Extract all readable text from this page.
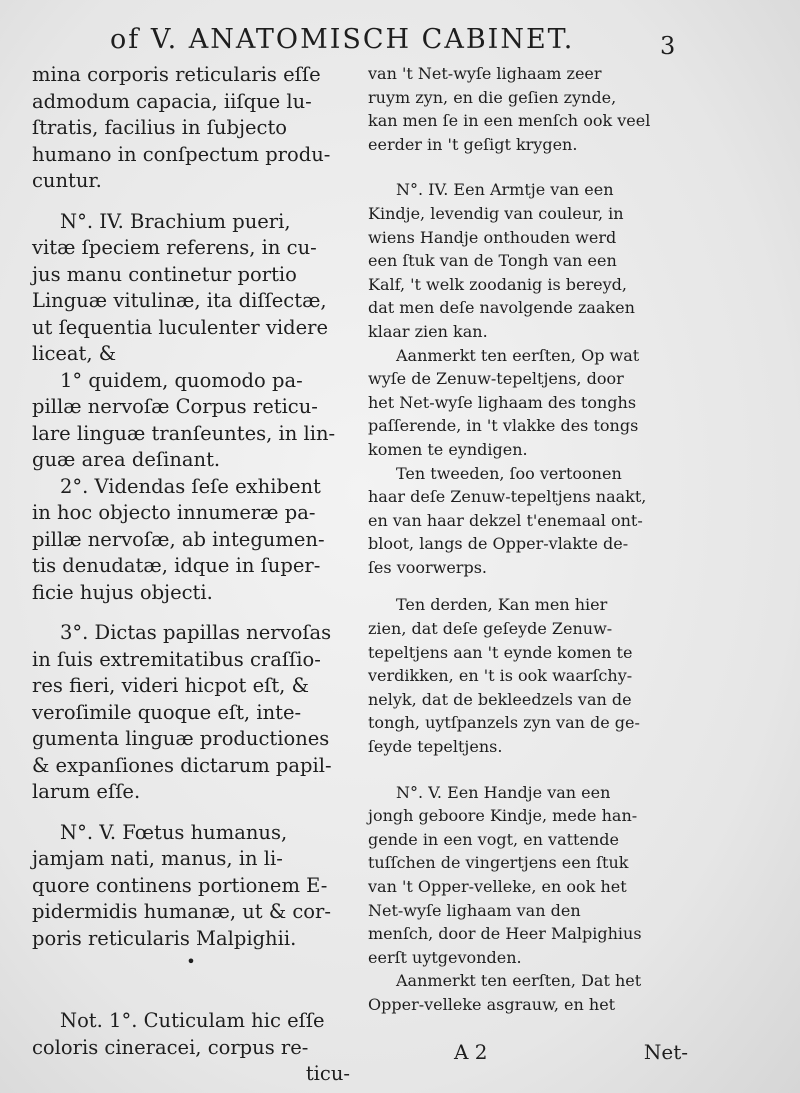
of V. ANATOMISCH CABINET.	3

mina corporis reticularis eſſe

admodum capacia, iiſque lu-

ſtratis, facilius in ſubjecto

humano in conſpectum produ-

cuntur.

N°. IV. Brachium pueri,

vitæ ſpeciem referens, in cu-

jus manu continetur portio

Linguæ vitulinæ, ita diſſectæ,

ut ſequentia luculenter videre

liceat, &

1° quidem, quomodo pa-

pillæ nervoſæ Corpus reticu-

lare linguæ tranſeuntes, in lin-

guæ area deſinant.

2°. Videndas ſeſe exhibent

in hoc objecto innumeræ pa-

pillæ nervoſæ, ab integumen-

tis denudatæ, idque in ſuper-

ficie hujus objecti.

3°. Dictas papillas nervoſas

in ſuis extremitatibus craſſio-

res fieri, videri hicpot eſt, &

veroſimile quoque eſt, inte-

gumenta linguæ productiones

& expanſiones dictarum papil-

larum eſſe.

N°. V. Fœtus humanus,

jamjam nati, manus, in li-

quore continens portionem E-

pidermidis humanæ, ut & cor-

poris reticularis Malpighii.

•

Not. 1°. Cuticulam hic eſſe

coloris cineracei, corpus re-

ticu-

van 't Net-wyſe lighaam zeer

ruym zyn, en die geſien zynde,

kan men ſe in een menſch ook veel

eerder in 't geſigt krygen.

N°. IV. Een Armtje van een

Kindje, levendig van couleur, in

wiens Handje onthouden werd

een ſtuk van de Tongh van een

Kalf, 't welk zoodanig is bereyd,

dat men deſe navolgende zaaken

klaar zien kan.

Aanmerkt ten eerſten, Op wat

wyſe de Zenuw-tepeltjens, door

het Net-wyſe lighaam des tonghs

paſſerende, in 't vlakke des tongs

komen te eyndigen.

Ten tweeden, ſoo vertoonen

haar deſe Zenuw-tepeltjens naakt,

en van haar dekzel t'enemaal ont-

bloot, langs de Opper-vlakte de-

ſes voorwerps.

Ten derden, Kan men hier

zien, dat deſe geſeyde Zenuw-

tepeltjens aan 't eynde komen te

verdikken, en 't is ook waarſchy-

nelyk, dat de bekleedzels van de

tongh, uytſpanzels zyn van de ge-

ſeyde tepeltjens.

N°. V. Een Handje van een

jongh geboore Kindje, mede han-

gende in een vogt, en vattende

tuſſchen de vingertjens een ſtuk

van 't Opper-velleke, en ook het

Net-wyſe lighaam van den

menſch, door de Heer Malpighius

eerſt uytgevonden.

Aanmerkt ten eerſten, Dat het

Opper-velleke asgrauw, en het

A 2	Net-
